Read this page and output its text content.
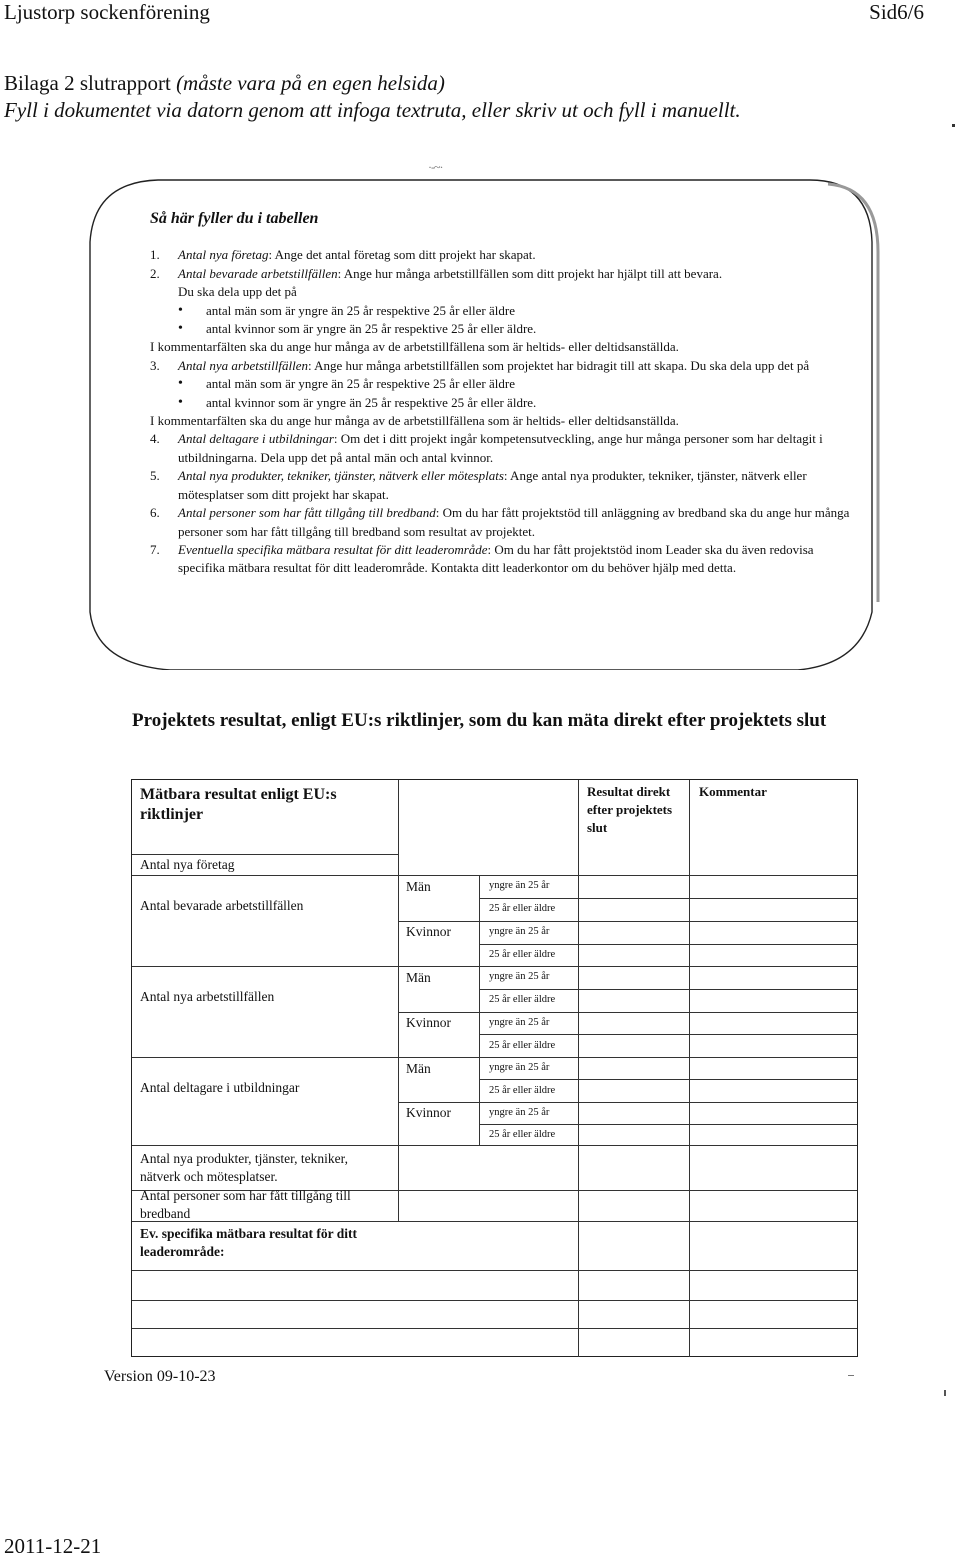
Ljustorp sockenförening	Sid6/6
Bilaga 2 slutrapport (måste vara på en egen helsida)
Fyll i dokumentet via datorn genom att infoga textruta, eller skriv ut och fyll i manuellt.
·-~·
Så här fyller du i tabellen
1. Antal nya företag: Ange det antal företag som ditt projekt har skapat.
2. Antal bevarade arbetstillfällen: Ange hur många arbetstillfällen som ditt projekt har hjälpt till att bevara.
Du ska dela upp det på
• antal män som är yngre än 25 år respektive 25 år eller äldre
• antal kvinnor som är yngre än 25 år respektive 25 år eller äldre.
I kommentarfälten ska du ange hur många av de arbetstillfällena som är heltids- eller deltidsanställda.
3. Antal nya arbetstillfällen: Ange hur många arbetstillfällen som projektet har bidragit till att skapa. Du ska dela upp det på
• antal män som är yngre än 25 år respektive 25 år eller äldre
• antal kvinnor som är yngre än 25 år respektive 25 år eller äldre.
I kommentarfälten ska du ange hur många av de arbetstillfällena som är heltids- eller deltidsanställda.
4. Antal deltagare i utbildningar: Om det i ditt projekt ingår kompetensutveckling, ange hur många personer som har deltagit i utbildningarna. Dela upp det på antal män och antal kvinnor.
5. Antal nya produkter, tekniker, tjänster, nätverk eller mötesplats: Ange antal nya produkter, tekniker, tjänster, nätverk eller mötesplatser som ditt projekt har skapat.
6. Antal personer som har fått tillgång till bredband: Om du har fått projektstöd till anläggning av bredband ska du ange hur många personer som har fått tillgång till bredband som resultat av projektet.
7. Eventuella specifika mätbara resultat för ditt leaderområde: Om du har fått projektstöd inom Leader ska du även redovisa specifika mätbara resultat för ditt leaderområde. Kontakta ditt leaderkontor om du behöver hjälp med detta.
Projektets resultat, enligt EU:s riktlinjer, som du kan mäta direkt efter projektets slut
Mätbara resultat enligt EU:s riktlinjer
Resultat direkt efter projektets slut
Kommentar
Antal nya företag
Antal bevarade arbetstillfällen
Antal nya arbetstillfällen
Antal deltagare i utbildningar
Antal nya produkter, tjänster, tekniker, nätverk och mötesplatser.
Antal personer som har fått tillgång till bredband
Ev. specifika mätbara resultat för ditt leaderområde:
Män
Kvinnor
Män
Kvinnor
Män
Kvinnor
yngre än 25 år
25 år eller äldre
yngre än 25 år
25 år eller äldre
yngre än 25 år
25 år eller äldre
yngre än 25 år
25 år eller äldre
yngre än 25 år
25 år eller äldre
yngre än 25 år
25 år eller äldre
Version 09-10-23
2011-12-21
